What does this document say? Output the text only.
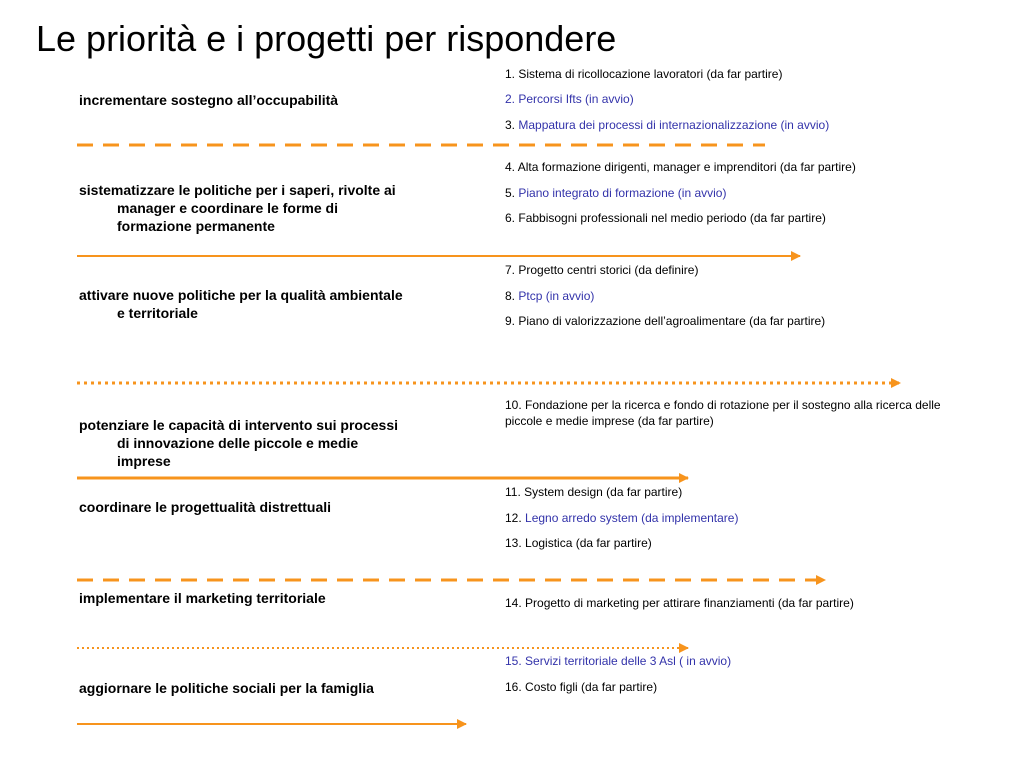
Le priorità e i progetti per rispondere
incrementare sostegno all’occupabilità
sistematizzare le politiche per i saperi, rivolte ai manager e coordinare le forme di formazione permanente
attivare nuove politiche per la qualità ambientale e territoriale
potenziare le capacità di intervento sui processi di innovazione delle piccole e medie imprese
coordinare le progettualità distrettuali
implementare il marketing territoriale
aggiornare le politiche sociali per la famiglia
1. Sistema di ricollocazione lavoratori (da far partire)
2. Percorsi Ifts (in avvio)
3. Mappatura dei processi di internazionalizzazione (in avvio)
4. Alta formazione dirigenti, manager e imprenditori (da far partire)
5. Piano integrato di formazione (in avvio)
6. Fabbisogni professionali nel medio periodo (da far partire)
7. Progetto centri storici (da definire)
8. Ptcp (in avvio)
9. Piano di valorizzazione dell’agroalimentare (da far partire)
10. Fondazione per la ricerca e fondo di rotazione per il sostegno alla ricerca delle piccole e medie imprese (da far partire)
11. System design (da far partire)
12. Legno arredo system (da implementare)
13. Logistica (da far partire)
14. Progetto di marketing per attirare finanziamenti (da far partire)
15. Servizi territoriale delle 3 Asl ( in avvio)
16. Costo figli (da far partire)
